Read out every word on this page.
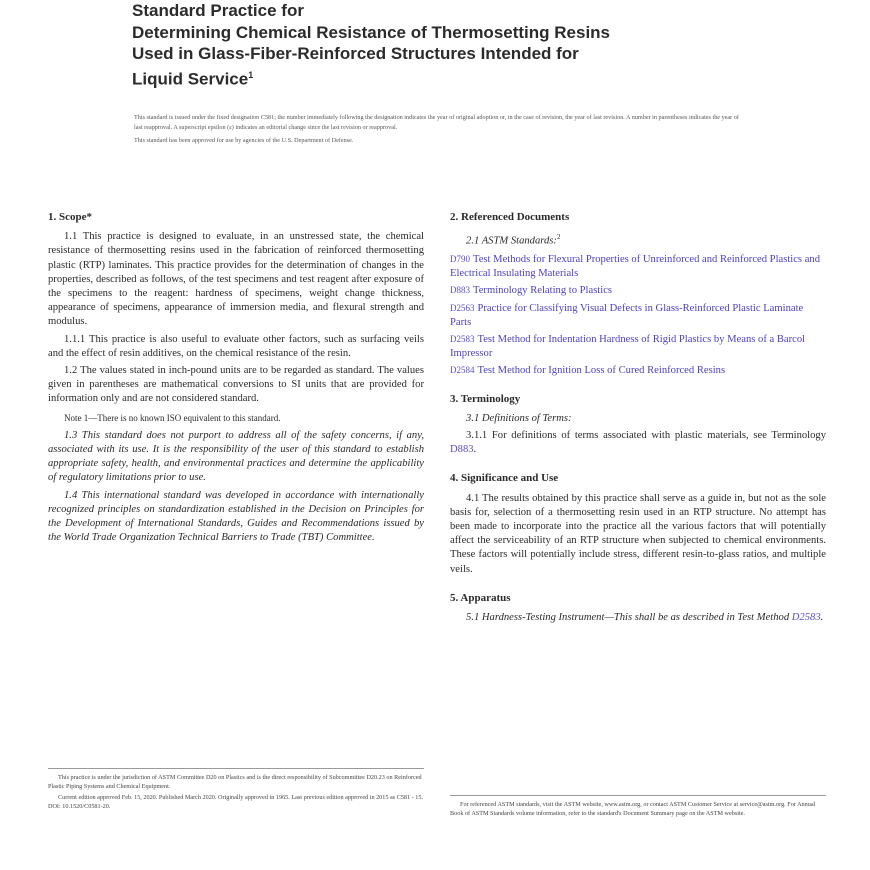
Standard Practice for

Determining Chemical Resistance of Thermosetting Resins

Used in Glass-Fiber-Reinforced Structures Intended for

Liquid Service$^1$

This standard is issued under the fixed designation C581; the number immediately following the designation indicates the year of original adoption or, in the case of revision, the year of last revision. A number in parentheses indicates the year of last reapproval. A superscript epsilon (ε) indicates an editorial change since the last revision or reapproval.

This standard has been approved for use by agencies of the U.S. Department of Defense.

1. Scope*

1.1 This practice is designed to evaluate, in an unstressed state, the chemical resistance of thermosetting resins used in the fabrication of reinforced thermosetting plastic (RTP) laminates. This practice provides for the determination of changes in the properties, described as follows, of the test specimens and test reagent after exposure of the specimens to the reagent: hardness of specimens, weight change thickness, appearance of specimens, appearance of immersion media, and flexural strength and modulus.

1.1.1 This practice is also useful to evaluate other factors, such as surfacing veils and the effect of resin additives, on the chemical resistance of the resin.

1.2 The values stated in inch-pound units are to be regarded as standard. The values given in parentheses are mathematical conversions to SI units that are provided for information only and are not considered standard.

Note 1—There is no known ISO equivalent to this standard.

1.3 This standard does not purport to address all of the safety concerns, if any, associated with its use. It is the responsibility of the user of this standard to establish appropriate safety, health, and environmental practices and determine the applicability of regulatory limitations prior to use.

1.4 This international standard was developed in accordance with internationally recognized principles on standardization established in the Decision on Principles for the Development of International Standards, Guides and Recommendations issued by the World Trade Organization Technical Barriers to Trade (TBT) Committee.

2. Referenced Documents

2.1 ASTM Standards:$^2$

D790 Test Methods for Flexural Properties of Unreinforced and Reinforced Plastics and Electrical Insulating Materials

D883 Terminology Relating to Plastics

D2563 Practice for Classifying Visual Defects in Glass-Reinforced Plastic Laminate Parts

D2583 Test Method for Indentation Hardness of Rigid Plastics by Means of a Barcol Impressor

D2584 Test Method for Ignition Loss of Cured Reinforced Resins

3. Terminology

3.1 Definitions of Terms:

3.1.1 For definitions of terms associated with plastic materials, see Terminology D883.

4. Significance and Use

4.1 The results obtained by this practice shall serve as a guide in, but not as the sole basis for, selection of a thermosetting resin used in an RTP structure. No attempt has been made to incorporate into the practice all the various factors that will potentially affect the serviceability of an RTP structure when subjected to chemical environments. These factors will potentially include stress, different resin-to-glass ratios, and multiple veils.

5. Apparatus

5.1 Hardness-Testing Instrument—This shall be as described in Test Method D2583.

This practice is under the jurisdiction of ASTM Committee D20 on Plastics and is the direct responsibility of Subcommittee D20.23 on Reinforced Plastic Piping Systems and Chemical Equipment.

Current edition approved Feb. 15, 2020. Published March 2020. Originally approved in 1965. Last previous edition approved in 2015 as C581 - 15. DOI: 10.1520/C0581-20.	For referenced ASTM standards, visit the ASTM website, www.astm.org, or contact ASTM Customer Service at service@astm.org. For Annual Book of ASTM Standards volume information, refer to the standard's Document Summary page on the ASTM website.
